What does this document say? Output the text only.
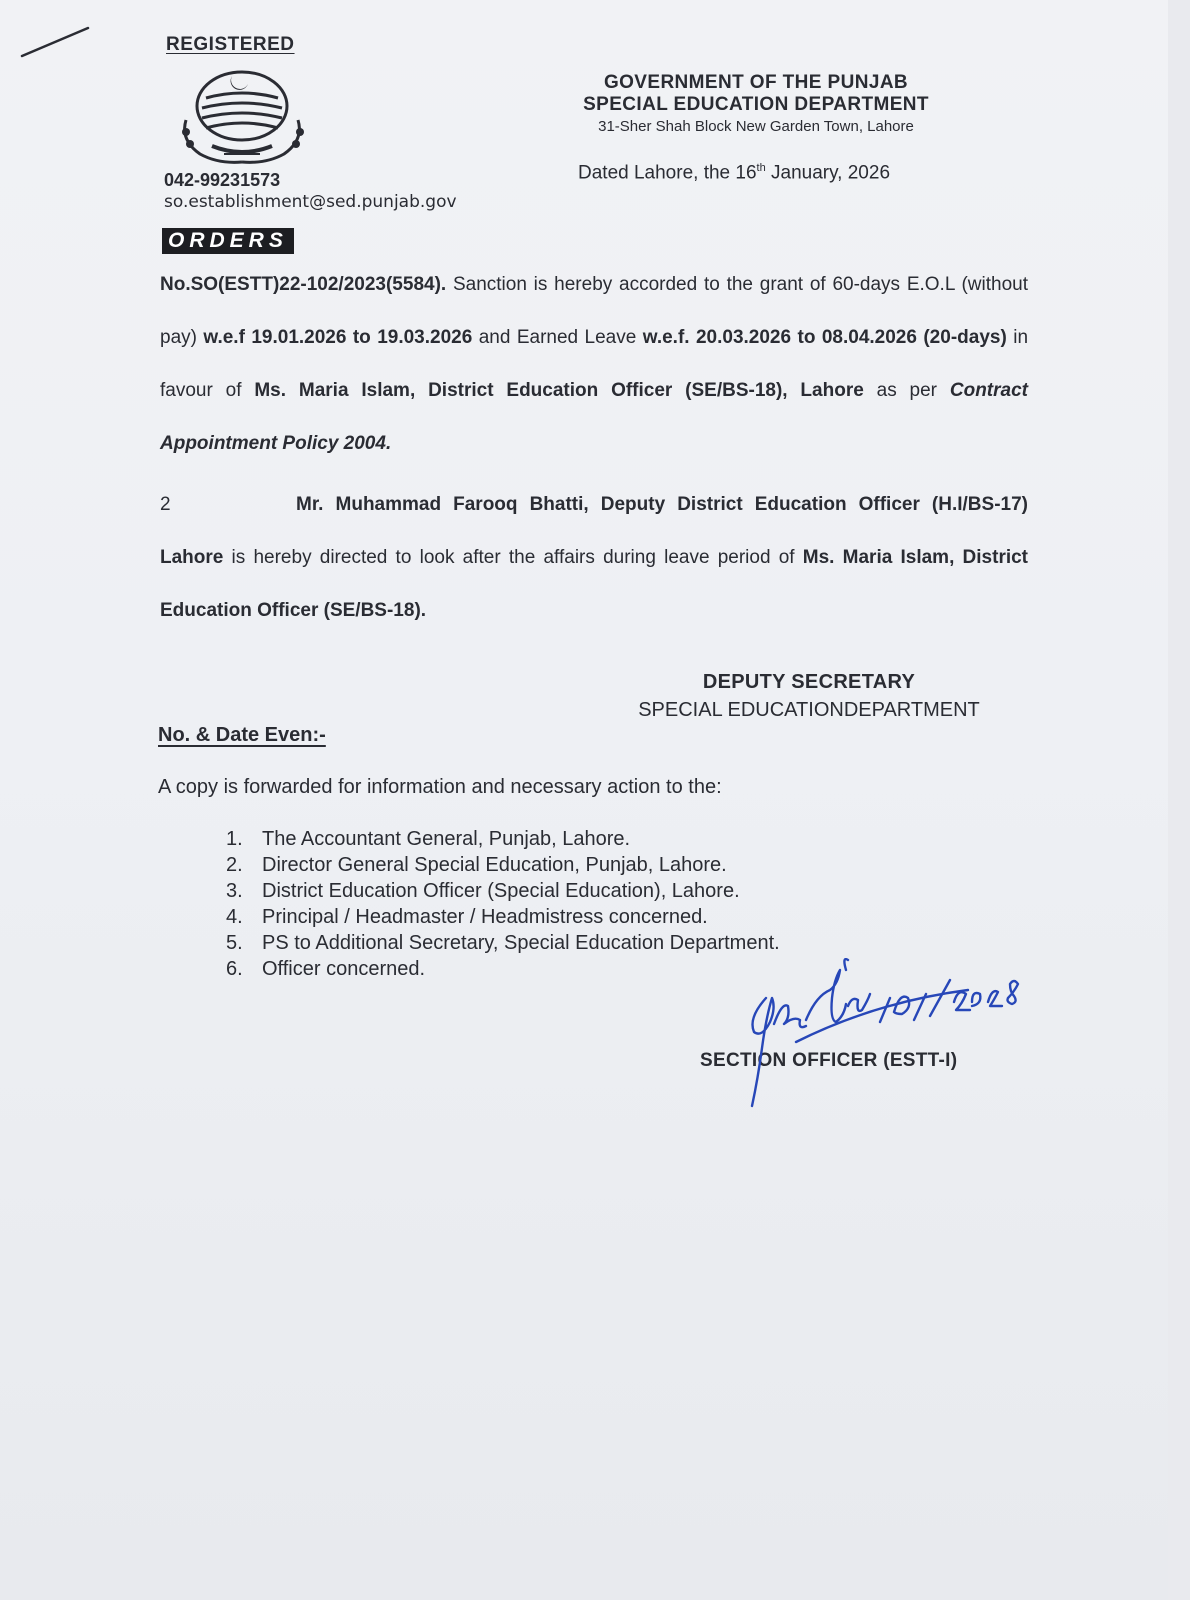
REGISTERED
042-99231573
so.establishment@sed.punjab.gov
ORDERS
GOVERNMENT OF THE PUNJAB
SPECIAL EDUCATION DEPARTMENT
31-Sher Shah Block New Garden Town, Lahore
Dated Lahore, the 16th January, 2026
No.SO(ESTT)22-102/2023(5584). Sanction is hereby accorded to the grant of 60-days E.O.L (without pay) w.e.f 19.01.2026 to 19.03.2026 and Earned Leave w.e.f. 20.03.2026 to 08.04.2026 (20-days) in favour of Ms. Maria Islam, District Education Officer (SE/BS-18), Lahore as per Contract Appointment Policy 2004.
2	Mr. Muhammad Farooq Bhatti, Deputy District Education Officer (H.I/BS-17) Lahore is hereby directed to look after the affairs during leave period of Ms. Maria Islam, District Education Officer (SE/BS-18).
DEPUTY SECRETARY
SPECIAL EDUCATIONDEPARTMENT
No. & Date Even:-
A copy is forwarded for information and necessary action to the:
1. The Accountant General, Punjab, Lahore.
2. Director General Special Education, Punjab, Lahore.
3. District Education Officer (Special Education), Lahore.
4. Principal / Headmaster / Headmistress concerned.
5. PS to Additional Secretary, Special Education Department.
6. Officer concerned.
SECTION OFFICER (ESTT-I)
